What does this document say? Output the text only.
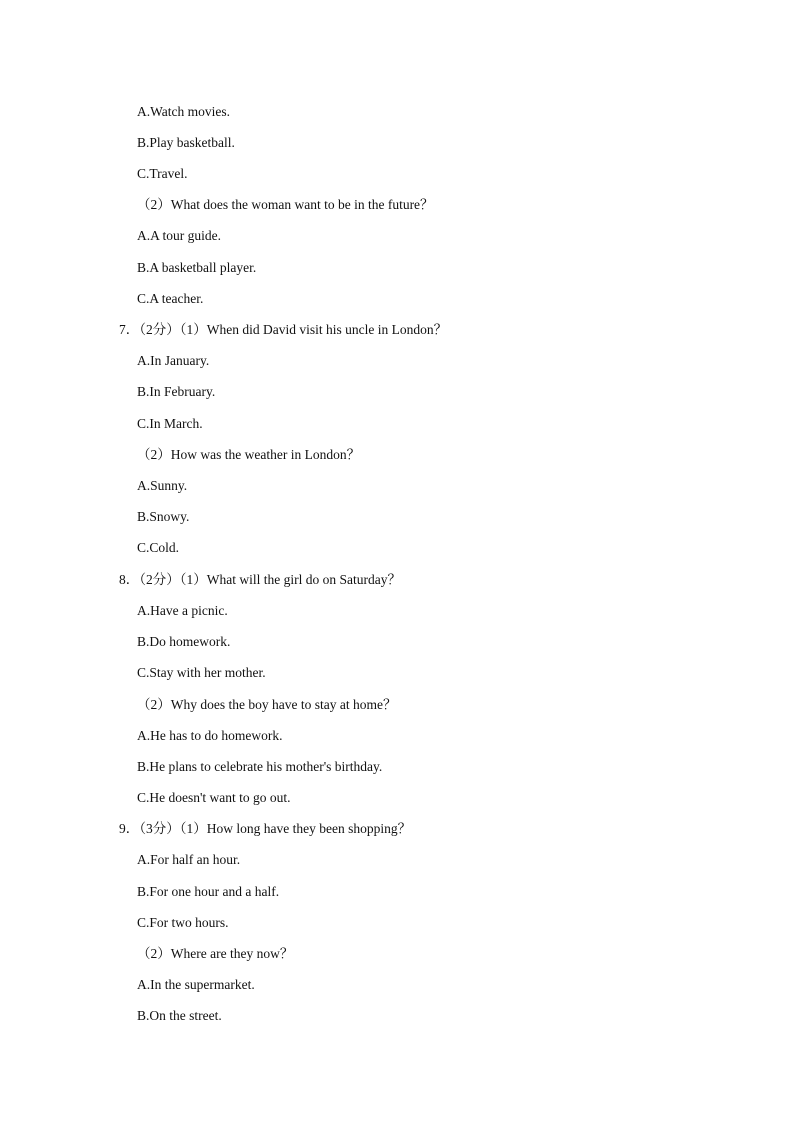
A.Watch movies.
B.Play basketball.
C.Travel.
（2）What does the woman want to be in the future？
A.A tour guide.
B.A basketball player.
C.A teacher.
7．（2分）（1）When did David visit his uncle in London？
A.In January.
B.In February.
C.In March.
（2）How was the weather in London？
A.Sunny.
B.Snowy.
C.Cold.
8．（2分）（1）What will the girl do on Saturday？
A.Have a picnic.
B.Do homework.
C.Stay with her mother.
（2）Why does the boy have to stay at home？
A.He has to do homework.
B.He plans to celebrate his mother's birthday.
C.He doesn't want to go out.
9．（3分）（1）How long have they been shopping？
A.For half an hour.
B.For one hour and a half.
C.For two hours.
（2）Where are they now？
A.In the supermarket.
B.On the street.
